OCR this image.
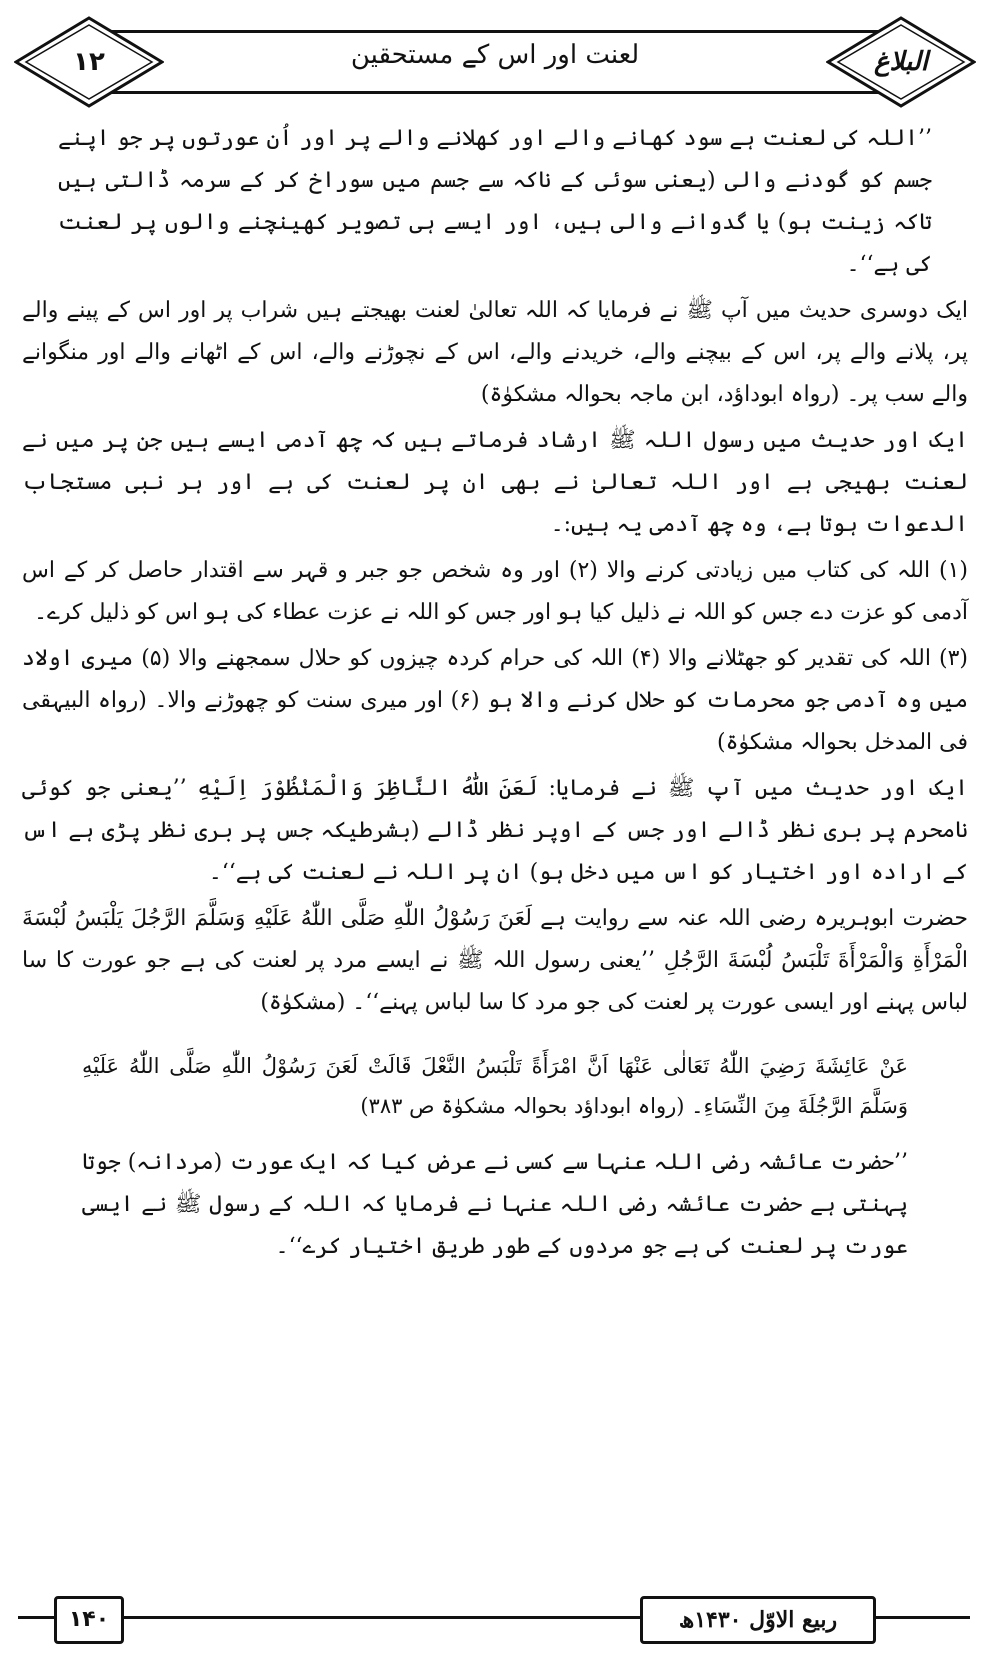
۱۲	لعنت اور اس کے مستحقین	البلاغ

’’اللہ کی لعنت ہے سود کھانے والے اور کھلانے والے پر اور اُن عورتوں پر جو اپنے جسم کو گودنے والی (یعنی سوئی کے ناکہ سے جسم میں سوراخ کر کے سرمہ ڈالتی ہیں تاکہ زینت ہو) یا گدوانے والی ہیں، اور ایسے ہی تصویر کھینچنے والوں پر لعنت کی ہے‘‘۔

ایک دوسری حدیث میں آپ ﷺ نے فرمایا کہ اللہ تعالیٰ لعنت بھیجتے ہیں شراب پر اور اس کے پینے والے پر، پلانے والے پر، اس کے بیچنے والے، خریدنے والے، اس کے نچوڑنے والے، اس کے اٹھانے والے اور منگوانے والے سب پر۔ (رواہ ابوداؤد، ابن ماجہ بحوالہ مشکوٰۃ)

ایک اور حدیث میں رسول اللہ ﷺ ارشاد فرماتے ہیں کہ چھ آدمی ایسے ہیں جن پر میں نے لعنت بھیجی ہے اور اللہ تعالیٰ نے بھی ان پر لعنت کی ہے اور ہر نبی مستجاب الدعوات ہوتا ہے، وہ چھ آدمی یہ ہیں:۔

(۱) اللہ کی کتاب میں زیادتی کرنے والا (۲) اور وہ شخص جو جبر و قہر سے اقتدار حاصل کر کے اس آدمی کو عزت دے جس کو اللہ نے ذلیل کیا ہو اور جس کو اللہ نے عزت عطاء کی ہو اس کو ذلیل کرے۔

(۳) اللہ کی تقدیر کو جھٹلانے والا (۴) اللہ کی حرام کردہ چیزوں کو حلال سمجھنے والا (۵) میری اولاد میں وہ آدمی جو محرمات کو حلال کرنے والا ہو (۶) اور میری سنت کو چھوڑنے والا۔ (رواہ البیہقی فی المدخل بحوالہ مشکوٰۃ)

ایک اور حدیث میں آپ ﷺ نے فرمایا: لَعَنَ اللّٰهُ النَّاظِرَ وَالْمَنْظُوْرَ اِلَيْهِ ’’یعنی جو کوئی نامحرم پر بری نظر ڈالے اور جس کے اوپر نظر ڈالے (بشرطیکہ جس پر بری نظر پڑی ہے اس کے ارادہ اور اختیار کو اس میں دخل ہو) ان پر اللہ نے لعنت کی ہے‘‘۔

حضرت ابوہریرہ رضی اللہ عنہ سے روایت ہے لَعَنَ رَسُوْلُ اللّٰهِ صَلَّى اللّٰهُ عَلَيْهِ وَسَلَّمَ الرَّجُلَ يَلْبَسُ لُبْسَةَ الْمَرْأَةِ وَالْمَرْأَةَ تَلْبَسُ لُبْسَةَ الرَّجُلِ ’’یعنی رسول اللہ ﷺ نے ایسے مرد پر لعنت کی ہے جو عورت کا سا لباس پہنے اور ایسی عورت پر لعنت کی جو مرد کا سا لباس پہنے‘‘۔ (مشکوٰۃ)

عَنْ عَائِشَةَ رَضِيَ اللّٰهُ تَعَالٰى عَنْهَا اَنَّ امْرَأَةً تَلْبَسُ النَّعْلَ قَالَتْ لَعَنَ رَسُوْلُ اللّٰهِ صَلَّى اللّٰهُ عَلَيْهِ وَسَلَّمَ الرَّجُلَةَ مِنَ النِّسَاءِ۔ (رواہ ابوداؤد بحوالہ مشکوٰۃ ص ۳۸۳)

’’حضرت عائشہ رضی اللہ عنہا سے کسی نے عرض کیا کہ ایک عورت (مردانہ) جوتا پہنتی ہے حضرت عائشہ رضی اللہ عنہا نے فرمایا کہ اللہ کے رسول ﷺ نے ایسی عورت پر لعنت کی ہے جو مردوں کے طور طریق اختیار کرے‘‘۔

۱۴۰	ربیع الاوّل ۱۴۳۰ھ
